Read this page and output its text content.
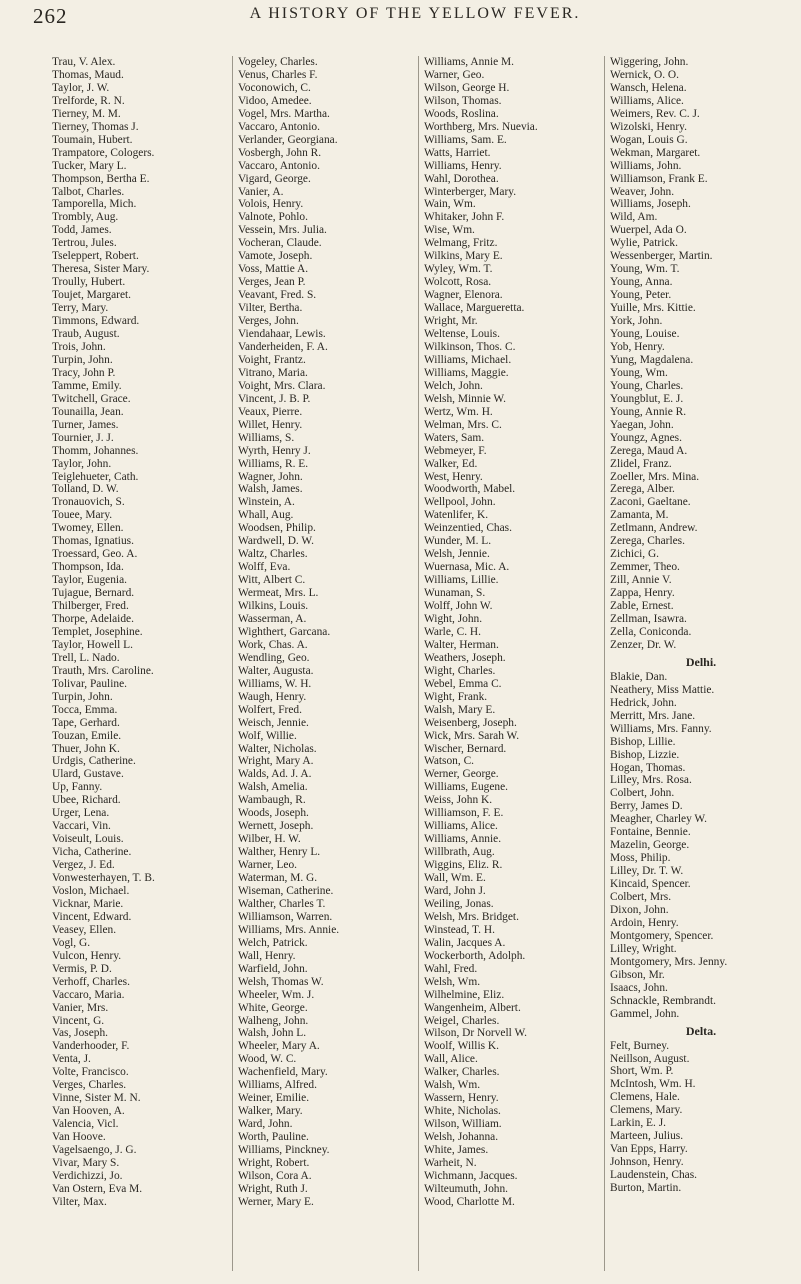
262	A HISTORY OF THE YELLOW FEVER.
Trau, V. Alex.
Thomas, Maud.
Taylor, J. W.
Trelforde, R. N.
Tierney, M. M.
Tierney, Thomas J.
Toumain, Hubert.
Trampatore, Cologers.
Tucker, Mary L.
Thompson, Bertha E.
Talbot, Charles.
Tamporella, Mich.
Trombly, Aug.
Todd, James.
Tertrou, Jules.
Tseleppert, Robert.
Theresa, Sister Mary.
Troully, Hubert.
Toujet, Margaret.
Terry, Mary.
Timmons, Edward.
Traub, August.
Trois, John.
Turpin, John.
Tracy, John P.
Tamme, Emily.
Twitchell, Grace.
Tounailla, Jean.
Turner, James.
Tournier, J. J.
Thomm, Johannes.
Taylor, John.
Teiglehueter, Cath.
Tolland, D. W.
Tronauovich, S.
Touee, Mary.
Twomey, Ellen.
Thomas, Ignatius.
Troessard, Geo. A.
Thompson, Ida.
Taylor, Eugenia.
Tujague, Bernard.
Thilberger, Fred.
Thorpe, Adelaide.
Templet, Josephine.
Taylor, Howell L.
Trell, L. Nado.
Trauth, Mrs. Caroline.
Tolivar, Pauline.
Turpin, John.
Tocca, Emma.
Tape, Gerhard.
Touzan, Emile.
Thuer, John K.
Urdgis, Catherine.
Ulard, Gustave.
Up, Fanny.
Ubee, Richard.
Urger, Lena.
Vaccari, Vin.
Voiseult, Louis.
Vicha, Catherine.
Vergez, J. Ed.
Vonwesterhayen, T. B.
Voslon, Michael.
Vicknar, Marie.
Vincent, Edward.
Veasey, Ellen.
Vogl, G.
Vulcon, Henry.
Vermis, P. D.
Verhoff, Charles.
Vaccaro, Maria.
Vanier, Mrs.
Vincent, G.
Vas, Joseph.
Vanderhooder, F.
Venta, J.
Volte, Francisco.
Verges, Charles.
Vinne, Sister M. N.
Van Hooven, A.
Valencia, Vicl.
Van Hoove.
Vagelsaengo, J. G.
Vivar, Mary S.
Verdichizzi, Jo.
Van Ostern, Eva M.
Vilter, Max.
Vogeley, Charles.
Venus, Charles F.
Voconowich, C.
Vidoo, Amedee.
Vogel, Mrs. Martha.
Vaccaro, Antonio.
Verlander, Georgiana.
Vosbergh, John R.
Vaccaro, Antonio.
Vigard, George.
Vanier, A.
Volois, Henry.
Valnote, Pohlo.
Vessein, Mrs. Julia.
Vocheran, Claude.
Vamote, Joseph.
Voss, Mattie A.
Verges, Jean P.
Veavant, Fred. S.
Vilter, Bertha.
Verges, John.
Viendahaar, Lewis.
Vanderheiden, F. A.
Voight, Frantz.
Vitrano, Maria.
Voight, Mrs. Clara.
Vincent, J. B. P.
Veaux, Pierre.
Willet, Henry.
Williams, S.
Wyrth, Henry J.
Williams, R. E.
Wagner, John.
Walsh, James.
Winstein, A.
Whall, Aug.
Woodsen, Philip.
Wardwell, D. W.
Waltz, Charles.
Wolff, Eva.
Witt, Albert C.
Wermeat, Mrs. L.
Wilkins, Louis.
Wasserman, A.
Wighthert, Garcana.
Work, Chas. A.
Wendling, Geo.
Walter, Augusta.
Williams, W. H.
Waugh, Henry.
Wolfert, Fred.
Weisch, Jennie.
Wolf, Willie.
Walter, Nicholas.
Wright, Mary A.
Walds, Ad. J. A.
Walsh, Amelia.
Wambaugh, R.
Woods, Joseph.
Wernett, Joseph.
Wilber, H. W.
Walther, Henry L.
Warner, Leo.
Waterman, M. G.
Wiseman, Catherine.
Walther, Charles T.
Williamson, Warren.
Williams, Mrs. Annie.
Welch, Patrick.
Wall, Henry.
Warfield, John.
Welsh, Thomas W.
Wheeler, Wm. J.
White, George.
Walheng, John.
Walsh, John L.
Wheeler, Mary A.
Wood, W. C.
Wachenfield, Mary.
Williams, Alfred.
Weiner, Emilie.
Walker, Mary.
Ward, John.
Worth, Pauline.
Williams, Pinckney.
Wright, Robert.
Wilson, Cora A.
Wright, Ruth J.
Werner, Mary E.
Williams, Annie M.
Warner, Geo.
Wilson, George H.
Wilson, Thomas.
Woods, Roslina.
Worthberg, Mrs. Nuevia.
Williams, Sam. E.
Watts, Harriet.
Williams, Henry.
Wahl, Dorothea.
Winterberger, Mary.
Wain, Wm.
Whitaker, John F.
Wise, Wm.
Welmang, Fritz.
Wilkins, Mary E.
Wyley, Wm. T.
Wolcott, Rosa.
Wagner, Elenora.
Wallace, Marguerettа.
Wright, Mr.
Weltense, Louis.
Wilkinson, Thos. C.
Williams, Michael.
Williams, Maggie.
Welch, John.
Welsh, Minnie W.
Wertz, Wm. H.
Welman, Mrs. C.
Waters, Sam.
Webmeyer, F.
Walker, Ed.
West, Henry.
Woodworth, Mabel.
Wellpool, John.
Watenlifer, K.
Weinzentied, Chas.
Wunder, M. L.
Welsh, Jennie.
Wuernasa, Mic. A.
Williams, Lillie.
Wunaman, S.
Wolff, John W.
Wight, John.
Warle, C. H.
Walter, Herman.
Weathers, Joseph.
Wight, Charles.
Webel, Emma C.
Wight, Frank.
Walsh, Mary E.
Weisenberg, Joseph.
Wick, Mrs. Sarah W.
Wischer, Bernard.
Watson, C.
Werner, George.
Williams, Eugene.
Weiss, John K.
Williamson, F. E.
Williams, Alice.
Williams, Annie.
Willbrath, Aug.
Wiggins, Eliz. R.
Wall, Wm. E.
Ward, John J.
Weiling, Jonas.
Welsh, Mrs. Bridget.
Winstead, T. H.
Walin, Jacques A.
Wockerborth, Adolph.
Wahl, Fred.
Welsh, Wm.
Wilhelmine, Eliz.
Wangenheim, Albert.
Weigel, Charles.
Wilson, Dr Norvell W.
Woolf, Willis K.
Wall, Alice.
Walker, Charles.
Walsh, Wm.
Wassern, Henry.
White, Nicholas.
Wilson, William.
Welsh, Johanna.
White, James.
Warheit, N.
Wichmann, Jacques.
Wilteumuth, John.
Wood, Charlotte M.
Wiggering, John.
Wernick, O. O.
Wansch, Helena.
Williams, Alice.
Weimers, Rev. C. J.
Wizolski, Henry.
Wogan, Louis G.
Wekman, Margaret.
Williams, John.
Williamson, Frank E.
Weaver, John.
Williams, Joseph.
Wild, Am.
Wuerpel, Ada O.
Wylie, Patrick.
Wessenberger, Martin.
Young, Wm. T.
Young, Anna.
Young, Peter.
Yuille, Mrs. Kittie.
York, John.
Young, Louise.
Yob, Henry.
Yung, Magdalena.
Young, Wm.
Young, Charles.
Youngblut, E. J.
Young, Annie R.
Yaegan, John.
Youngz, Agnes.
Zerega, Maud A.
Zlidel, Franz.
Zoeller, Mrs. Mina.
Zerega, Alber.
Zaconi, Gaeltane.
Zamanta, M.
Zetlmann, Andrew.
Zerega, Charles.
Zichici, G.
Zemmer, Theo.
Zill, Annie V.
Zappa, Henry.
Zable, Ernest.
Zellman, Isawra.
Zella, Coniconda.
Zenzer, Dr. W.
Delhi.
Blakie, Dan.
Neathery, Miss Mattie.
Hedrick, John.
Merritt, Mrs. Jane.
Williams, Mrs. Fanny.
Bishop, Lillie.
Bishop, Lizzie.
Hogan, Thomas.
Lilley, Mrs. Rosa.
Colbert, John.
Berry, James D.
Meagher, Charley W.
Fontaine, Bennie.
Mazelin, George.
Moss, Philip.
Lilley, Dr. T. W.
Kincaid, Spencer.
Colbert, Mrs.
Dixon, John.
Ardoin, Henry.
Montgomery, Spencer.
Lilley, Wright.
Montgomery, Mrs. Jenny.
Gibson, Mr.
Isaacs, John.
Schnackle, Rembrandt.
Gammel, John.
Delta.
Felt, Burney.
Neillson, August.
Short, Wm. P.
McIntosh, Wm. H.
Clemens, Hale.
Clemens, Mary.
Larkin, E. J.
Marteen, Julius.
Van Epps, Harry.
Johnson, Henry.
Laudenstein, Chas.
Burton, Martin.
